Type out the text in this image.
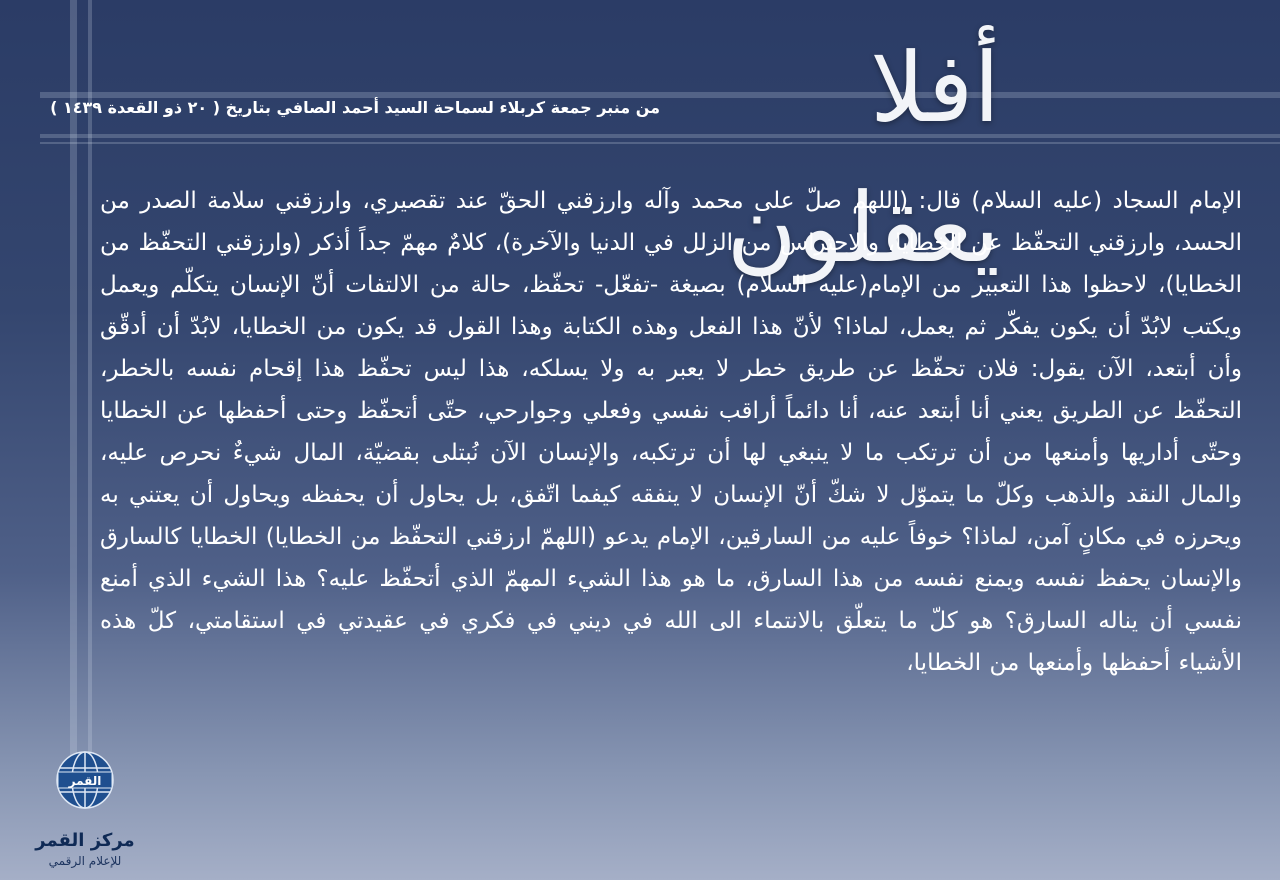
أفلا يعقلون
من منبر جمعة كربلاء لسماحة السيد أحمد الصافي بتاريخ ( ٢٠ ذو القعدة ١٤٣٩ )
الإمام السجاد (عليه السلام) قال: (اللهم صلّ على محمد وآله وارزقني الحقّ عند تقصيري، وارزقني سلامة الصدر من الحسد، وارزقني التحفّظ عن الخطايا، والاحتراس من الزلل في الدنيا والآخرة)، كلامٌ مهمّ جداً أذكر (وارزقني التحفّظ من الخطايا)، لاحظوا هذا التعبير من الإمام(عليه السلام) بصيغة -تفعّل- تحفّظ، حالة من الالتفات أنّ الإنسان يتكلّم ويعمل ويكتب لابُدّ أن يكون يفكّر ثم يعمل، لماذا؟ لأنّ هذا الفعل وهذه الكتابة وهذا القول قد يكون من الخطايا، لابُدّ أن أدقّق وأن أبتعد، الآن يقول: فلان تحفّظ عن طريق خطر لا يعبر به ولا يسلكه، هذا ليس تحفّظ هذا إقحام نفسه بالخطر، التحفّظ عن الطريق يعني أنا أبتعد عنه، أنا دائماً أراقب نفسي وفعلي وجوارحي، حتّى أتحفّظ وحتى أحفظها عن الخطايا وحتّى أداريها وأمنعها من أن ترتكب ما لا ينبغي لها أن ترتكبه، والإنسان الآن نُبتلى بقضيّة، المال شيءٌ نحرص عليه، والمال النقد والذهب وكلّ ما يتموّل لا شكّ أنّ الإنسان لا ينفقه كيفما اتّفق، بل يحاول أن يحفظه ويحاول أن يعتني به ويحرزه في مكانٍ آمن، لماذا؟ خوفاً عليه من السارقين، الإمام يدعو (اللهمّ ارزقني التحفّظ من الخطايا) الخطايا كالسارق والإنسان يحفظ نفسه ويمنع نفسه من هذا السارق، ما هو هذا الشيء المهمّ الذي أتحفّظ عليه؟ هذا الشيء الذي أمنع نفسي أن يناله السارق؟ هو كلّ ما يتعلّق بالانتماء الى الله في ديني في فكري في عقيدتي في استقامتي، كلّ هذه الأشياء أحفظها وأمنعها من الخطايا،
القمر
مركز القمر
للإعلام الرقمي
